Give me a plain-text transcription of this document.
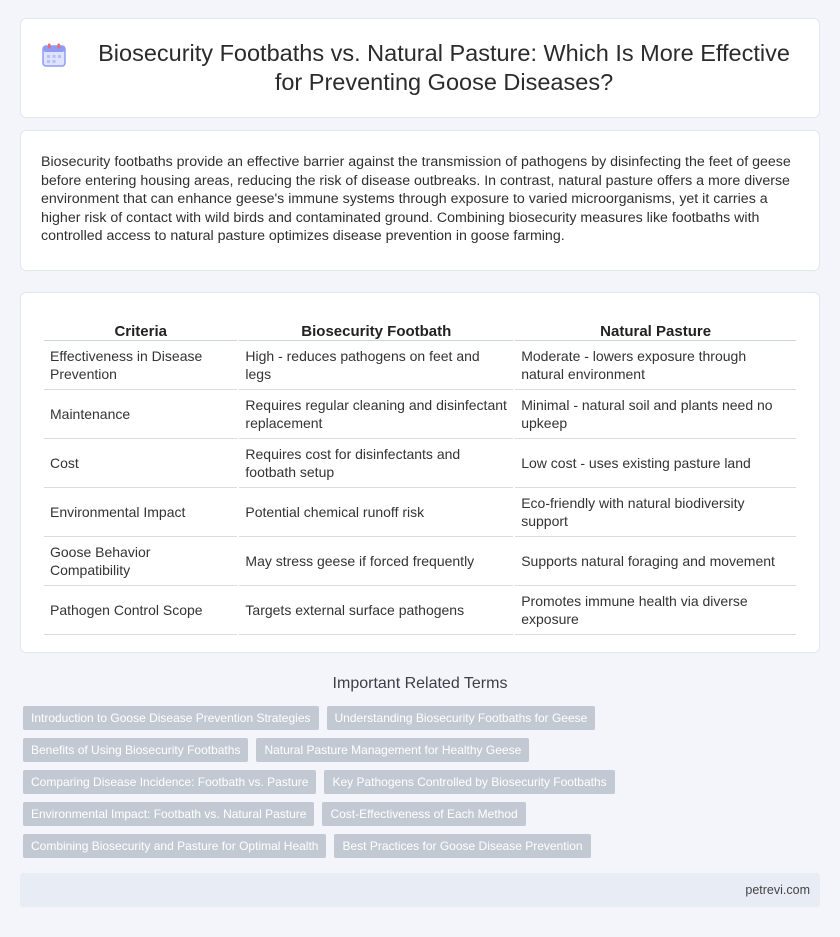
Biosecurity Footbaths vs. Natural Pasture: Which Is More Effective for Preventing Goose Diseases?

Biosecurity footbaths provide an effective barrier against the transmission of pathogens by disinfecting the feet of geese before entering housing areas, reducing the risk of disease outbreaks. In contrast, natural pasture offers a more diverse environment that can enhance geese's immune systems through exposure to varied microorganisms, yet it carries a higher risk of contact with wild birds and contaminated ground. Combining biosecurity measures like footbaths with controlled access to natural pasture optimizes disease prevention in goose farming.

Criteria	Biosecurity Footbath	Natural Pasture
Effectiveness in Disease Prevention	High - reduces pathogens on feet and legs	Moderate - lowers exposure through natural environment
Maintenance	Requires regular cleaning and disinfectant replacement	Minimal - natural soil and plants need no upkeep
Cost	Requires cost for disinfectants and footbath setup	Low cost - uses existing pasture land
Environmental Impact	Potential chemical runoff risk	Eco-friendly with natural biodiversity support
Goose Behavior Compatibility	May stress geese if forced frequently	Supports natural foraging and movement
Pathogen Control Scope	Targets external surface pathogens	Promotes immune health via diverse exposure
Important Related Terms
Introduction to Goose Disease Prevention Strategies	Understanding Biosecurity Footbaths for Geese
Benefits of Using Biosecurity Footbaths	Natural Pasture Management for Healthy Geese
Comparing Disease Incidence: Footbath vs. Pasture	Key Pathogens Controlled by Biosecurity Footbaths
Environmental Impact: Footbath vs. Natural Pasture	Cost-Effectiveness of Each Method
Combining Biosecurity and Pasture for Optimal Health	Best Practices for Goose Disease Prevention
petrevi.com
